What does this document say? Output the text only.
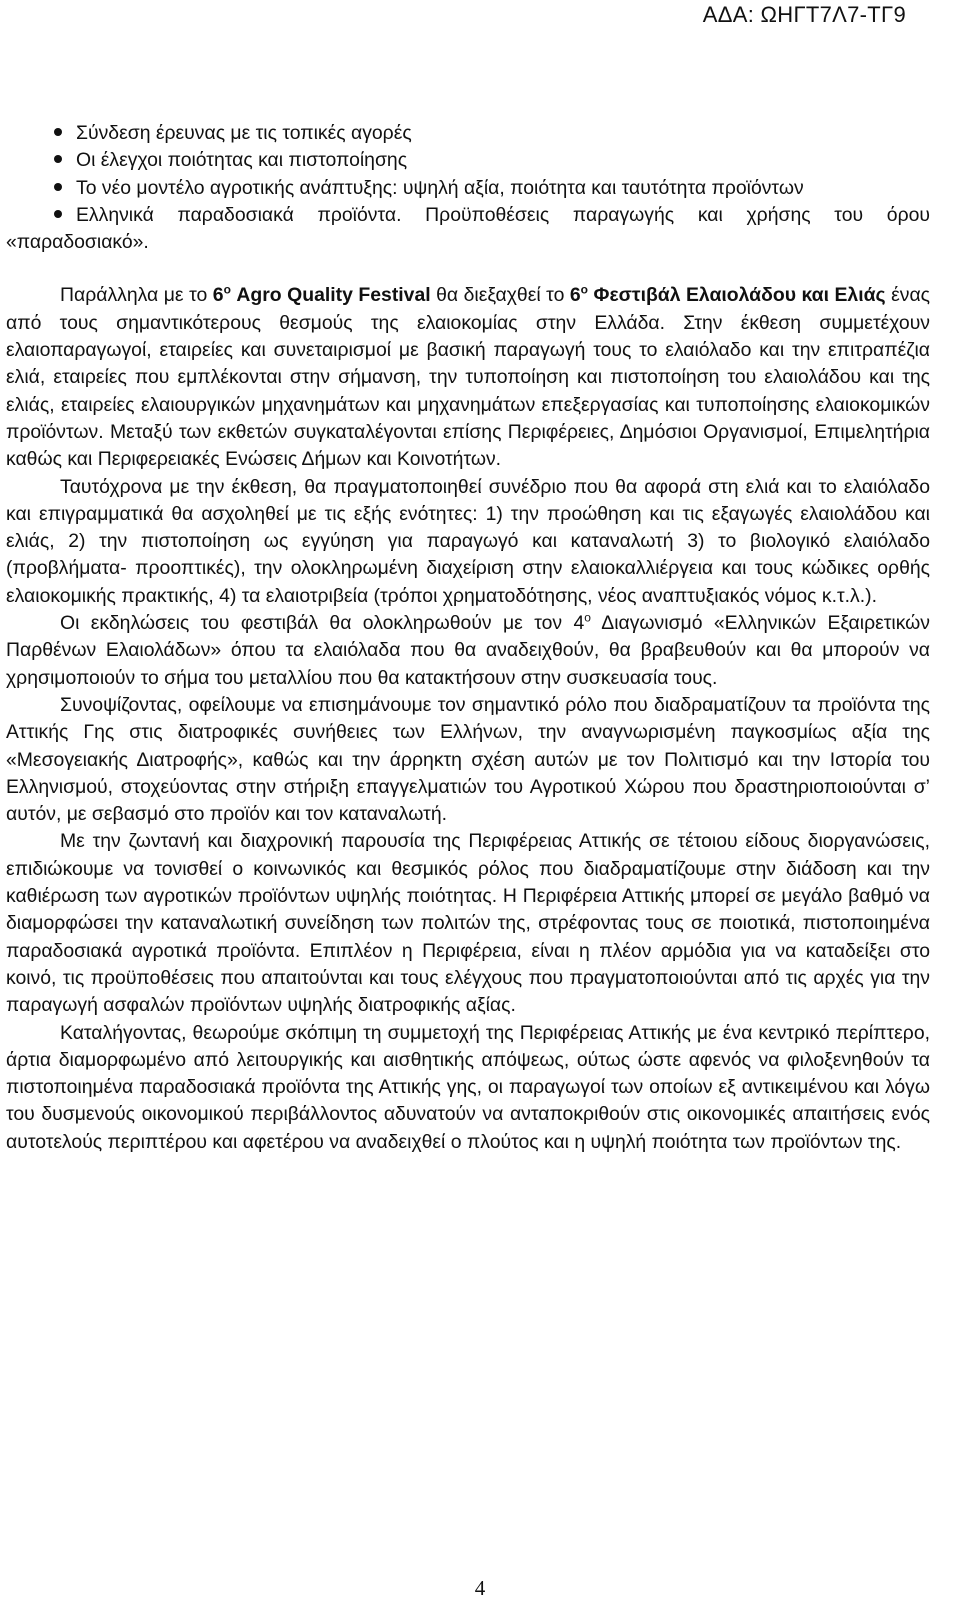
ΑΔΑ: ΩΗΓΤ7Λ7-ΤΓ9
Σύνδεση έρευνας με τις τοπικές αγορές
Οι έλεγχοι ποιότητας και πιστοποίησης
Το νέο μοντέλο αγροτικής ανάπτυξης: υψηλή αξία, ποιότητα και ταυτότητα προϊόντων
Ελληνικά παραδοσιακά προϊόντα. Προϋποθέσεις παραγωγής και χρήσης του όρου «παραδοσιακό».

Παράλληλα με το $6^o$ Agro Quality Festival θα διεξαχθεί το $6^o$ Φεστιβάλ Ελαιολάδου και Ελιάς ένας από τους σημαντικότερους θεσμούς της ελαιοκομίας στην Ελλάδα. Στην έκθεση συμμετέχουν ελαιοπαραγωγοί, εταιρείες και συνεταιρισμοί με βασική παραγωγή τους το ελαιόλαδο και την επιτραπέζια ελιά, εταιρείες που εμπλέκονται στην σήμανση, την τυποποίηση και πιστοποίηση του ελαιολάδου και της ελιάς, εταιρείες ελαιουργικών μηχανημάτων και μηχανημάτων επεξεργασίας και τυποποίησης ελαιοκομικών προϊόντων. Μεταξύ των εκθετών συγκαταλέγονται επίσης Περιφέρειες, Δημόσιοι Οργανισμοί, Επιμελητήρια καθώς και Περιφερειακές Ενώσεις Δήμων και Κοινοτήτων.

Ταυτόχρονα με την έκθεση, θα πραγματοποιηθεί συνέδριο που θα αφορά στη ελιά και το ελαιόλαδο και επιγραμματικά θα ασχοληθεί με τις εξής ενότητες: 1) την προώθηση και τις εξαγωγές ελαιολάδου και ελιάς, 2) την πιστοποίηση ως εγγύηση για παραγωγό και καταναλωτή 3) το βιολογικό ελαιόλαδο (προβλήματα- προοπτικές), την ολοκληρωμένη διαχείριση στην ελαιοκαλλιέργεια και τους κώδικες ορθής ελαιοκομικής πρακτικής, 4) τα ελαιοτριβεία (τρόποι χρηματοδότησης, νέος αναπτυξιακός νόμος κ.τ.λ.).

Οι εκδηλώσεις του φεστιβάλ θα ολοκληρωθούν με τον $4^o$ Διαγωνισμό «Ελληνικών Εξαιρετικών Παρθένων Ελαιολάδων» όπου τα ελαιόλαδα που θα αναδειχθούν, θα βραβευθούν και θα μπορούν να χρησιμοποιούν το σήμα του μεταλλίου που θα κατακτήσουν στην συσκευασία τους.

Συνοψίζοντας, οφείλουμε να επισημάνουμε τον σημαντικό ρόλο που διαδραματίζουν τα προϊόντα της Αττικής Γης στις διατροφικές συνήθειες των Ελλήνων, την αναγνωρισμένη παγκοσμίως αξία της «Μεσογειακής Διατροφής», καθώς και την άρρηκτη σχέση αυτών με τον Πολιτισμό και την Ιστορία του Ελληνισμού, στοχεύοντας στην στήριξη επαγγελματιών του Αγροτικού Χώρου που δραστηριοποιούνται σ’ αυτόν, με σεβασμό στο προϊόν και τον καταναλωτή.

Με την ζωντανή και διαχρονική παρουσία της Περιφέρειας Αττικής σε τέτοιου είδους διοργανώσεις, επιδιώκουμε να τονισθεί ο κοινωνικός και θεσμικός ρόλος που διαδραματίζουμε στην διάδοση και την καθιέρωση των αγροτικών προϊόντων υψηλής ποιότητας. Η Περιφέρεια Αττικής μπορεί σε μεγάλο βαθμό να διαμορφώσει την καταναλωτική συνείδηση των πολιτών της, στρέφοντας τους σε ποιοτικά, πιστοποιημένα παραδοσιακά αγροτικά προϊόντα. Επιπλέον η Περιφέρεια, είναι η πλέον αρμόδια για να καταδείξει στο κοινό, τις προϋποθέσεις που απαιτούνται και τους ελέγχους που πραγματοποιούνται από τις αρχές για την παραγωγή ασφαλών προϊόντων υψηλής διατροφικής αξίας.

Καταλήγοντας, θεωρούμε σκόπιμη τη συμμετοχή της Περιφέρειας Αττικής με ένα κεντρικό περίπτερο, άρτια διαμορφωμένο από λειτουργικής και αισθητικής απόψεως, ούτως ώστε αφενός να φιλοξενηθούν τα πιστοποιημένα παραδοσιακά προϊόντα της Αττικής γης, οι παραγωγοί των οποίων εξ αντικειμένου και λόγω του δυσμενούς οικονομικού περιβάλλοντος αδυνατούν να ανταποκριθούν στις οικονομικές απαιτήσεις ενός αυτοτελούς περιπτέρου και αφετέρου να αναδειχθεί ο πλούτος και η υψηλή ποιότητα των προϊόντων της.

4
